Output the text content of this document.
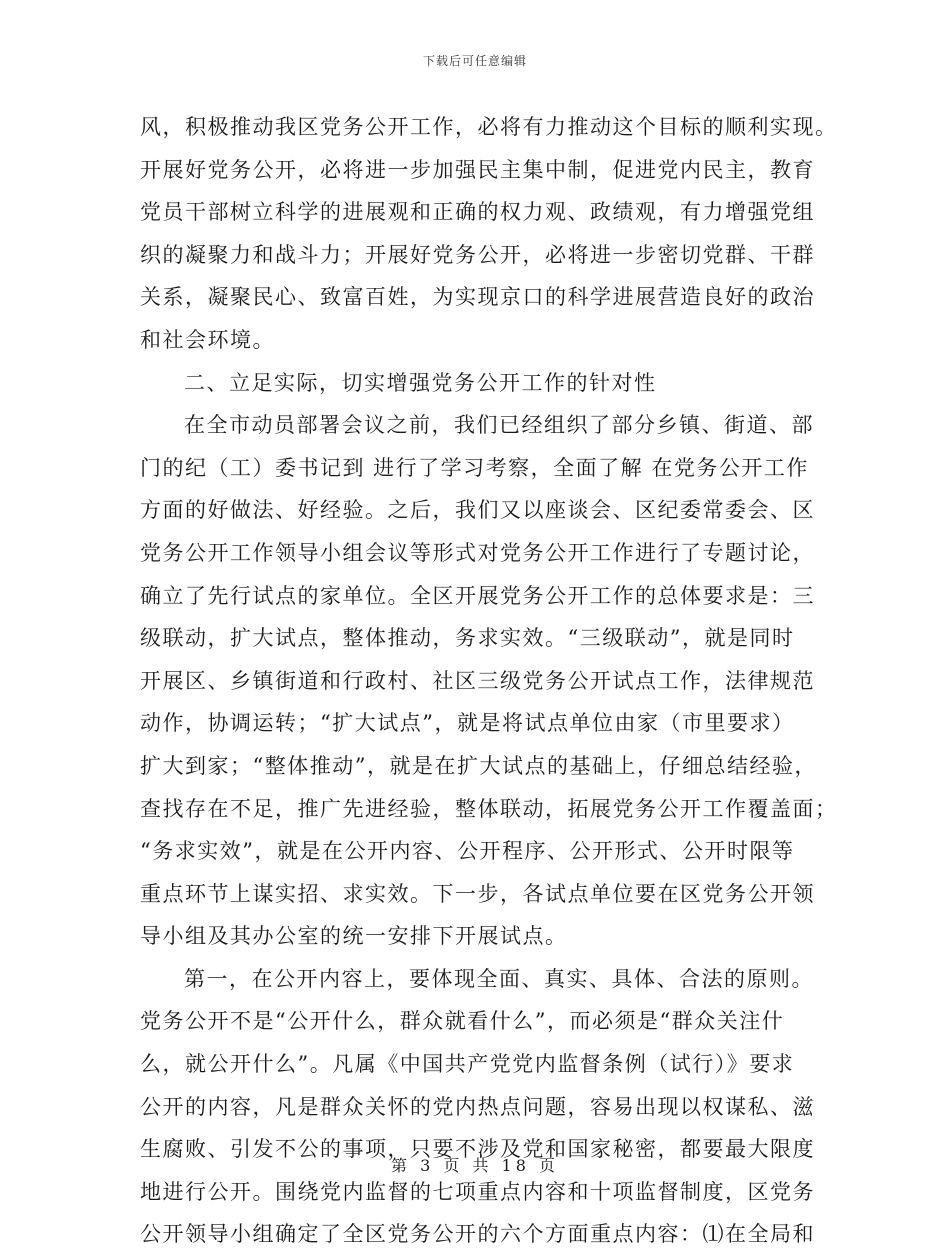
下载后可任意编辑
风，积极推动我区党务公开工作，必将有力推动这个目标的顺利实现。
开展好党务公开，必将进一步加强民主集中制，促进党内民主，教育
党员干部树立科学的进展观和正确的权力观、政绩观，有力增强党组
织的凝聚力和战斗力；开展好党务公开，必将进一步密切党群、干群
关系，凝聚民心、致富百姓，为实现京口的科学进展营造良好的政治
和社会环境。
二、立足实际，切实增强党务公开工作的针对性
在全市动员部署会议之前，我们已经组织了部分乡镇、街道、部
门的纪（工）委书记到 进行了学习考察，全面了解 在党务公开工作
方面的好做法、好经验。之后，我们又以座谈会、区纪委常委会、区
党务公开工作领导小组会议等形式对党务公开工作进行了专题讨论，
确立了先行试点的家单位。全区开展党务公开工作的总体要求是：三
级联动，扩大试点，整体推动，务求实效。“三级联动”，就是同时
开展区、乡镇街道和行政村、社区三级党务公开试点工作，法律规范
动作，协调运转；“扩大试点”，就是将试点单位由家（市里要求）
扩大到家；“整体推动”，就是在扩大试点的基础上，仔细总结经验，
查找存在不足，推广先进经验，整体联动，拓展党务公开工作覆盖面；
“务求实效”，就是在公开内容、公开程序、公开形式、公开时限等
重点环节上谋实招、求实效。下一步，各试点单位要在区党务公开领
导小组及其办公室的统一安排下开展试点。
第一，在公开内容上，要体现全面、真实、具体、合法的原则。
党务公开不是“公开什么，群众就看什么”，而必须是“群众关注什
么，就公开什么”。凡属《中国共产党党内监督条例（试行）》要求
公开的内容，凡是群众关怀的党内热点问题，容易出现以权谋私、滋
生腐败、引发不公的事项，只要不涉及党和国家秘密，都要最大限度
地进行公开。围绕党内监督的七项重点内容和十项监督制度，区党务
公开领导小组确定了全区党务公开的六个方面重点内容：⑴在全局和
第 3 页 共 18 页
